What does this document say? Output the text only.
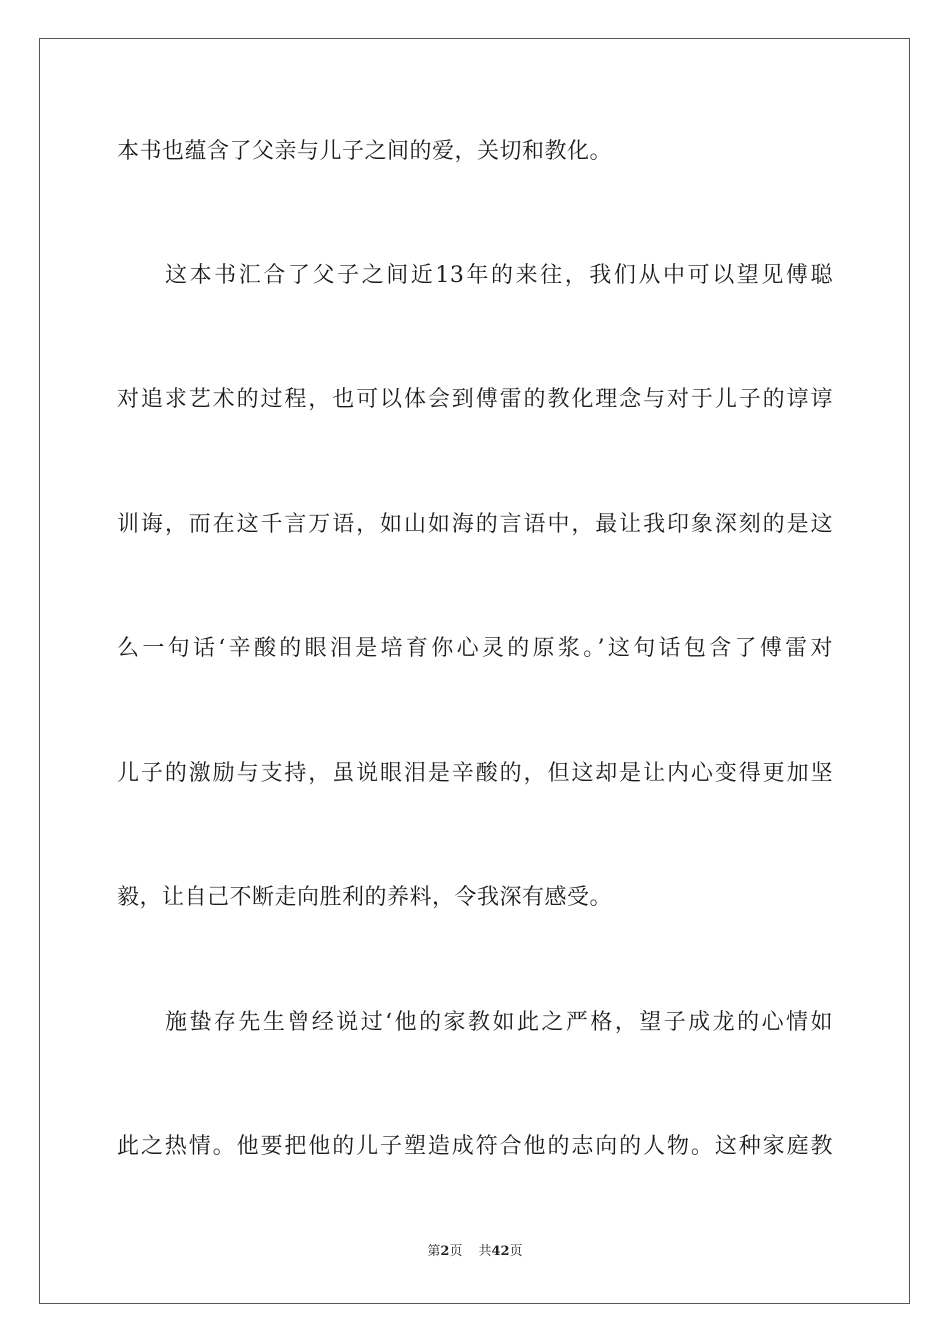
本书也蕴含了父亲与儿子之间的爱，关切和教化。
这本书汇合了父子之间近13年的来往，我们从中可以望见傅聪
对追求艺术的过程，也可以体会到傅雷的教化理念与对于儿子的谆谆
训诲，而在这千言万语，如山如海的言语中，最让我印象深刻的是这
么一句话‘辛酸的眼泪是培育你心灵的原浆。’这句话包含了傅雷对
儿子的激励与支持，虽说眼泪是辛酸的，但这却是让内心变得更加坚
毅，让自己不断走向胜利的养料，令我深有感受。
施蛰存先生曾经说过‘他的家教如此之严格，望子成龙的心情如
此之热情。他要把他的儿子塑造成符合他的志向的人物。这种家庭教
第2页 共42页
